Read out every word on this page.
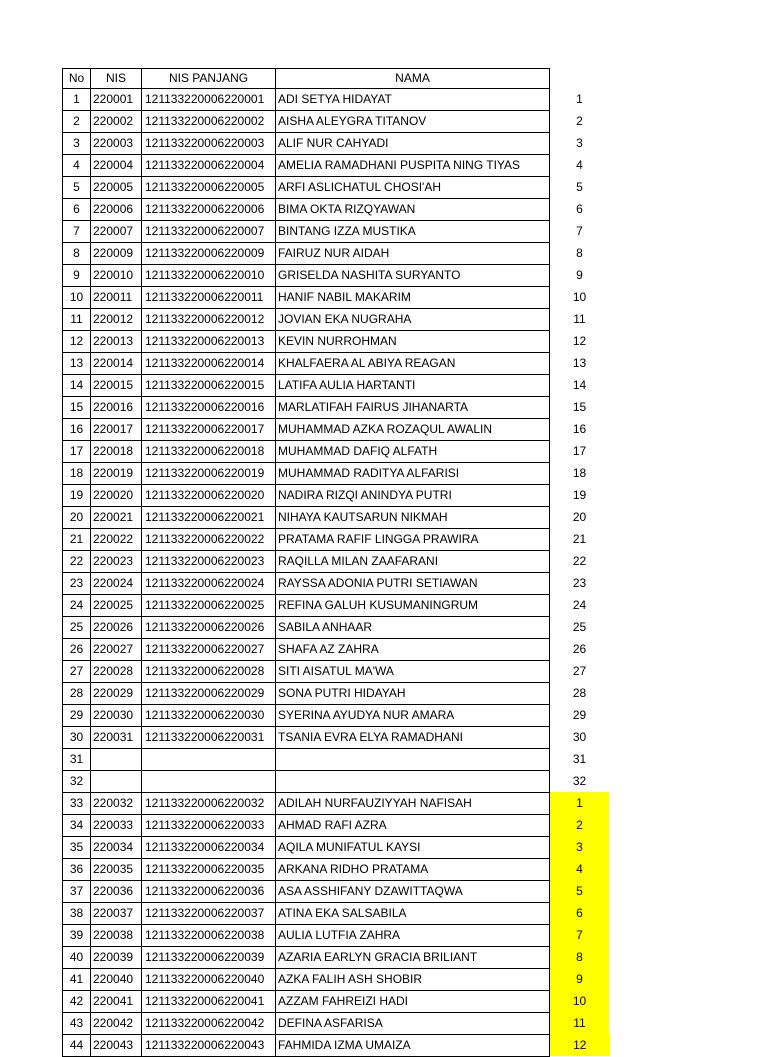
No	NIS	NIS PANJANG	NAMA	
1	220001	121133220006220001	ADI SETYA HIDAYAT	1
2	220002	121133220006220002	AISHA ALEYGRA TITANOV	2
3	220003	121133220006220003	ALIF NUR CAHYADI	3
4	220004	121133220006220004	AMELIA RAMADHANI PUSPITA NING TIYAS	4
5	220005	121133220006220005	ARFI ASLICHATUL CHOSI'AH	5
6	220006	121133220006220006	BIMA OKTA RIZQYAWAN	6
7	220007	121133220006220007	BINTANG IZZA MUSTIKA	7
8	220009	121133220006220009	FAIRUZ NUR AIDAH	8
9	220010	121133220006220010	GRISELDA NASHITA SURYANTO	9
10	220011	121133220006220011	HANIF NABIL MAKARIM	10
11	220012	121133220006220012	JOVIAN EKA NUGRAHA	11
12	220013	121133220006220013	KEVIN NURROHMAN	12
13	220014	121133220006220014	KHALFAERA AL ABIYA REAGAN	13
14	220015	121133220006220015	LATIFA AULIA HARTANTI	14
15	220016	121133220006220016	MARLATIFAH FAIRUS JIHANARTA	15
16	220017	121133220006220017	MUHAMMAD AZKA ROZAQUL AWALIN	16
17	220018	121133220006220018	MUHAMMAD DAFIQ ALFATH	17
18	220019	121133220006220019	MUHAMMAD RADITYA ALFARISI	18
19	220020	121133220006220020	NADIRA RIZQI ANINDYA PUTRI	19
20	220021	121133220006220021	NIHAYA KAUTSARUN NIKMAH	20
21	220022	121133220006220022	PRATAMA RAFIF LINGGA PRAWIRA	21
22	220023	121133220006220023	RAQILLA MILAN ZAAFARANI	22
23	220024	121133220006220024	RAYSSA ADONIA PUTRI SETIAWAN	23
24	220025	121133220006220025	REFINA GALUH KUSUMANINGRUM	24
25	220026	121133220006220026	SABILA ANHAAR	25
26	220027	121133220006220027	SHAFA AZ ZAHRA	26
27	220028	121133220006220028	SITI AISATUL MA'WA	27
28	220029	121133220006220029	SONA PUTRI HIDAYAH	28
29	220030	121133220006220030	SYERINA AYUDYA NUR AMARA	29
30	220031	121133220006220031	TSANIA EVRA ELYA RAMADHANI	30
31				31
32				32
33	220032	121133220006220032	ADILAH NURFAUZIYYAH NAFISAH	1
34	220033	121133220006220033	AHMAD RAFI AZRA	2
35	220034	121133220006220034	AQILA MUNIFATUL KAYSI	3
36	220035	121133220006220035	ARKANA RIDHO PRATAMA	4
37	220036	121133220006220036	ASA ASSHIFANY DZAWITTAQWA	5
38	220037	121133220006220037	ATINA EKA SALSABILA	6
39	220038	121133220006220038	AULIA LUTFIA ZAHRA	7
40	220039	121133220006220039	AZARIA EARLYN GRACIA BRILIANT	8
41	220040	121133220006220040	AZKA FALIH ASH SHOBIR	9
42	220041	121133220006220041	AZZAM FAHREIZI HADI	10
43	220042	121133220006220042	DEFINA ASFARISA	11
44	220043	121133220006220043	FAHMIDA IZMA UMAIZA	12
